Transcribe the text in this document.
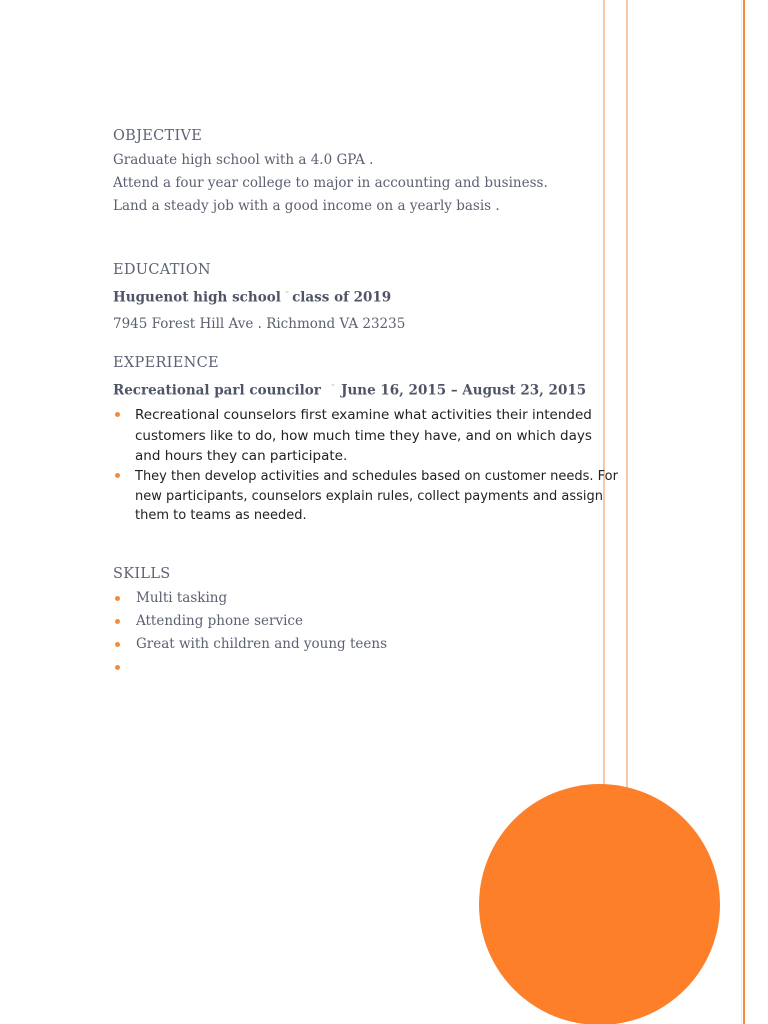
OBJECTIVE
Graduate high school with a 4.0 GPA .
Attend a four year college to major in accounting and business.
Land a steady job with a good income on a yearly basis .
EDUCATION
Huguenot high school ⁼ class of 2019
7945 Forest Hill Ave . Richmond VA 23235
EXPERIENCE
Recreational parl councilor ⁼ June 16, 2015 – August 23, 2015
Recreational counselors first examine what activities their intended
customers like to do, how much time they have, and on which days
and hours they can participate.
They then develop activities and schedules based on customer needs. For
new participants, counselors explain rules, collect payments and assign
them to teams as needed.
SKILLS
Multi tasking
Attending phone service
Great with children and young teens
